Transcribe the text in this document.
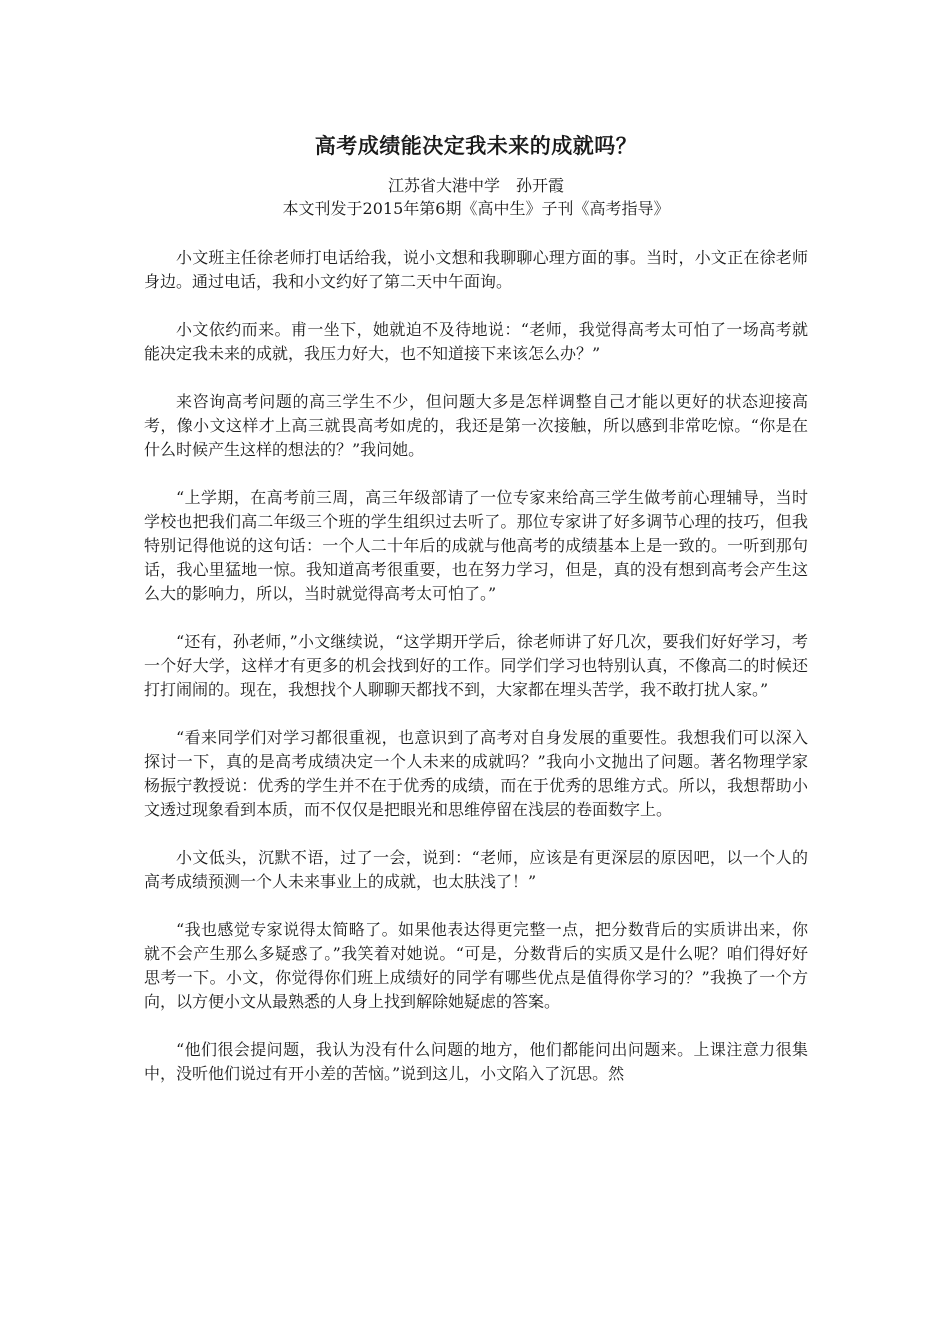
高考成绩能决定我未来的成就吗？

江苏省大港中学　孙开霞

本文刊发于2015年第6期《高中生》子刊《高考指导》

小文班主任徐老师打电话给我，说小文想和我聊聊心理方面的事。当时，小文正在徐老师身边。通过电话，我和小文约好了第二天中午面询。

小文依约而来。甫一坐下，她就迫不及待地说：“老师，我觉得高考太可怕了一场高考就能决定我未来的成就，我压力好大，也不知道接下来该怎么办？”

来咨询高考问题的高三学生不少，但问题大多是怎样调整自己才能以更好的状态迎接高考，像小文这样才上高三就畏高考如虎的，我还是第一次接触，所以感到非常吃惊。“你是在什么时候产生这样的想法的？”我问她。

“上学期，在高考前三周，高三年级部请了一位专家来给高三学生做考前心理辅导，当时学校也把我们高二年级三个班的学生组织过去听了。那位专家讲了好多调节心理的技巧，但我特别记得他说的这句话：一个人二十年后的成就与他高考的成绩基本上是一致的。一听到那句话，我心里猛地一惊。我知道高考很重要，也在努力学习，但是，真的没有想到高考会产生这么大的影响力，所以，当时就觉得高考太可怕了。”

“还有，孙老师，”小文继续说，“这学期开学后，徐老师讲了好几次，要我们好好学习，考一个好大学，这样才有更多的机会找到好的工作。同学们学习也特别认真，不像高二的时候还打打闹闹的。现在，我想找个人聊聊天都找不到，大家都在埋头苦学，我不敢打扰人家。”

“看来同学们对学习都很重视，也意识到了高考对自身发展的重要性。我想我们可以深入探讨一下，真的是高考成绩决定一个人未来的成就吗？”我向小文抛出了问题。著名物理学家杨振宁教授说：优秀的学生并不在于优秀的成绩，而在于优秀的思维方式。所以，我想帮助小文透过现象看到本质，而不仅仅是把眼光和思维停留在浅层的卷面数字上。

小文低头，沉默不语，过了一会，说到：“老师，应该是有更深层的原因吧，以一个人的高考成绩预测一个人未来事业上的成就，也太肤浅了！”

“我也感觉专家说得太简略了。如果他表达得更完整一点，把分数背后的实质讲出来，你就不会产生那么多疑惑了。”我笑着对她说。“可是，分数背后的实质又是什么呢？咱们得好好思考一下。小文，你觉得你们班上成绩好的同学有哪些优点是值得你学习的？”我换了一个方向，以方便小文从最熟悉的人身上找到解除她疑虑的答案。

“他们很会提问题，我认为没有什么问题的地方，他们都能问出问题来。上课注意力很集中，没听他们说过有开小差的苦恼。”说到这儿，小文陷入了沉思。然
